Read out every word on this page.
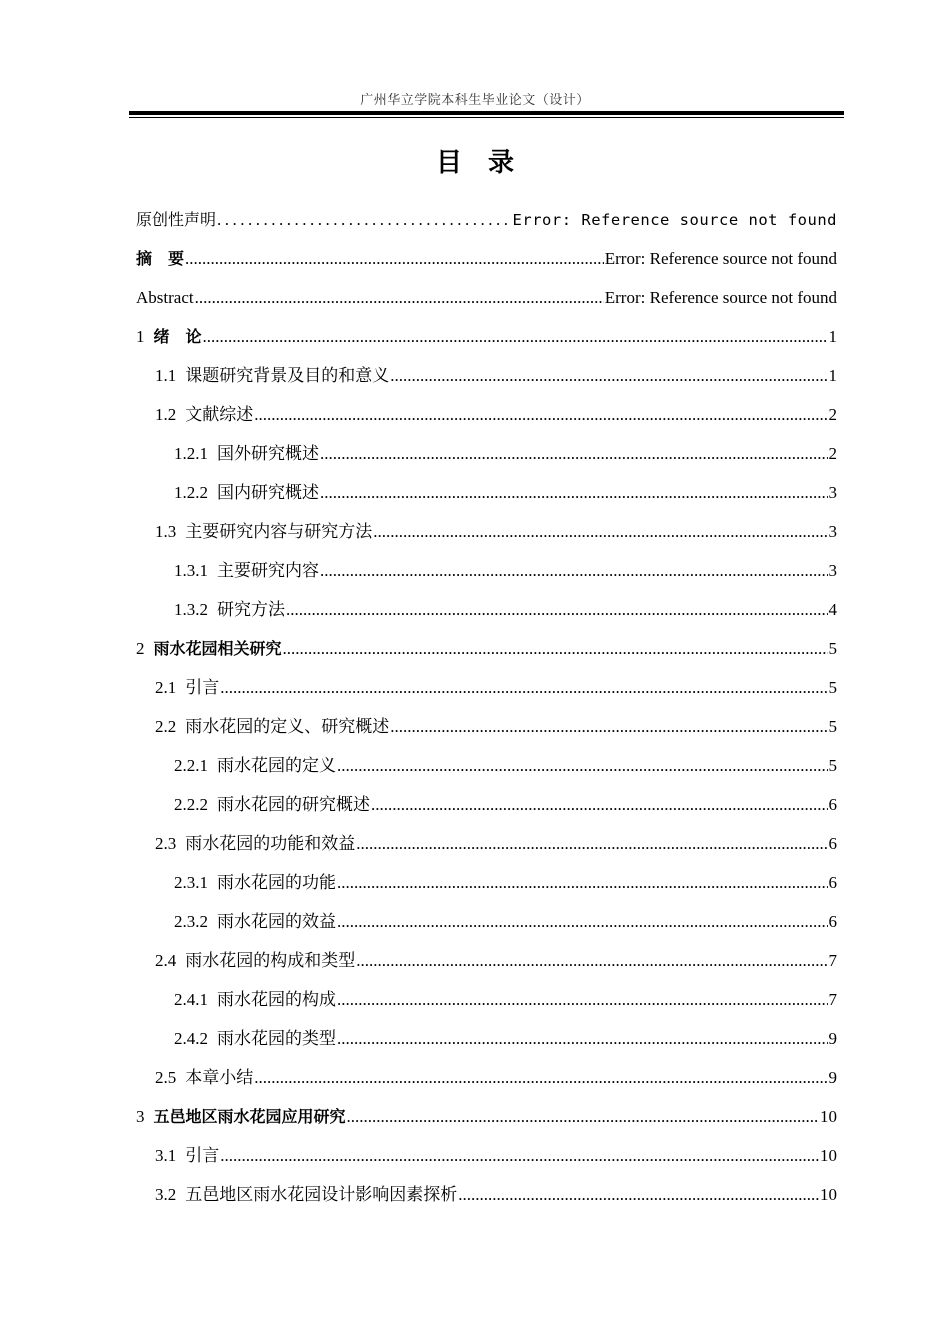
广州华立学院本科生毕业论文（设计）
目录
原创性声明 .....	Error: Reference source not found
摘　要 .....	Error: Reference source not found
Abstract .....	Error: Reference source not found
1 绪　论 .....	1
1.1 课题研究背景及目的和意义 .....	1
1.2 文献综述 .....	2
1.2.1 国外研究概述 .....	2
1.2.2 国内研究概述 .....	3
1.3 主要研究内容与研究方法 .....	3
1.3.1 主要研究内容 .....	3
1.3.2 研究方法 .....	4
2 雨水花园相关研究 .....	5
2.1 引言 .....	5
2.2 雨水花园的定义、研究概述 .....	5
2.2.1 雨水花园的定义 .....	5
2.2.2 雨水花园的研究概述 .....	6
2.3 雨水花园的功能和效益 .....	6
2.3.1 雨水花园的功能 .....	6
2.3.2 雨水花园的效益 .....	6
2.4 雨水花园的构成和类型 .....	7
2.4.1 雨水花园的构成 .....	7
2.4.2 雨水花园的类型 .....	9
2.5 本章小结 .....	9
3 五邑地区雨水花园应用研究 .....	10
3.1 引言 .....	10
3.2 五邑地区雨水花园设计影响因素探析 .....	10
